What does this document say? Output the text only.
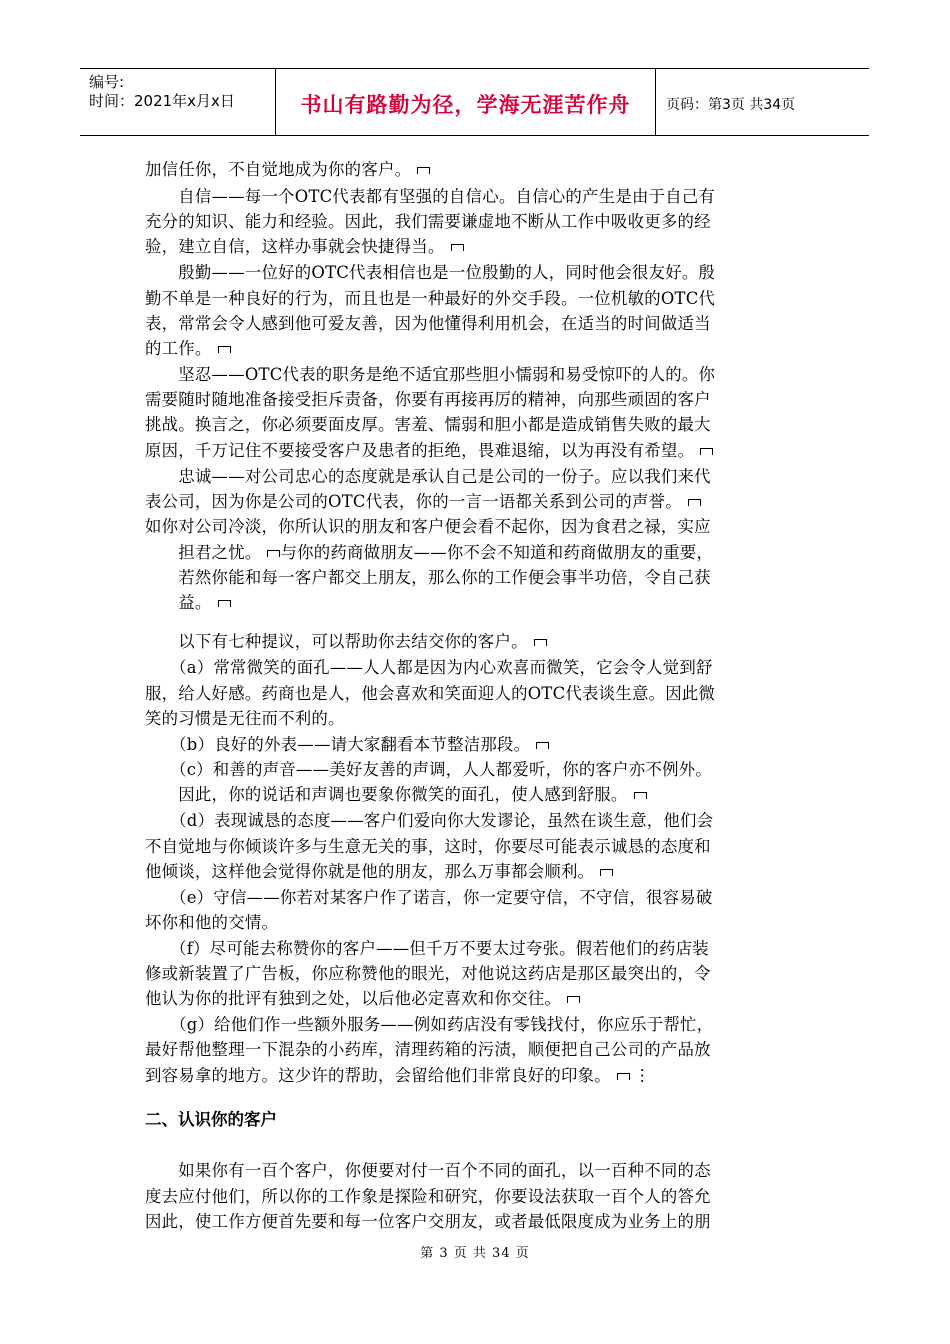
编号:
时间：2021年x月x日	书山有路勤为径，学海无涯苦作舟	页码：第3页 共34页
加信任你，不自觉地成为你的客户。
　　自信——每一个OTC代表都有坚强的自信心。自信心的产生是由于自己有
充分的知识、能力和经验。因此，我们需要谦虚地不断从工作中吸收更多的经
验，建立自信，这样办事就会快捷得当。
　　殷勤——一位好的OTC代表相信也是一位殷勤的人，同时他会很友好。殷
勤不单是一种良好的行为，而且也是一种最好的外交手段。一位机敏的OTC代
表，常常会令人感到他可爱友善，因为他懂得利用机会，在适当的时间做适当
的工作。
　　坚忍——OTC代表的职务是绝不适宜那些胆小懦弱和易受惊吓的人的。你
需要随时随地准备接受拒斥责备，你要有再接再厉的精神，向那些顽固的客户
挑战。换言之，你必须要面皮厚。害羞、懦弱和胆小都是造成销售失败的最大
原因，千万记住不要接受客户及患者的拒绝，畏难退缩，以为再没有希望。
　　忠诚——对公司忠心的态度就是承认自己是公司的一份子。应以我们来代
表公司，因为你是公司的OTC代表，你的一言一语都关系到公司的声誉。
如你对公司冷淡，你所认识的朋友和客户便会看不起你，因为食君之禄，实应
　　担君之忧。 与你的药商做朋友——你不会不知道和药商做朋友的重要，
　　若然你能和每一客户都交上朋友，那么你的工作便会事半功倍，令自己获
　　益。
　　以下有七种提议，可以帮助你去结交你的客户。
　　（a）常常微笑的面孔——人人都是因为内心欢喜而微笑，它会令人觉到舒
服，给人好感。药商也是人，他会喜欢和笑面迎人的OTC代表谈生意。因此微
笑的习惯是无往而不利的。
　　（b）良好的外表——请大家翻看本节整洁那段。
　　（c）和善的声音——美好友善的声调，人人都爱听，你的客户亦不例外。
　　因此，你的说话和声调也要象你微笑的面孔，使人感到舒服。
　　（d）表现诚恳的态度——客户们爱向你大发谬论，虽然在谈生意，他们会
不自觉地与你倾谈许多与生意无关的事，这时，你要尽可能表示诚恳的态度和
他倾谈，这样他会觉得你就是他的朋友，那么万事都会顺利。
　　（e）守信——你若对某客户作了诺言，你一定要守信，不守信，很容易破
坏你和他的交情。
　　（f）尽可能去称赞你的客户——但千万不要太过夸张。假若他们的药店装
修或新装置了广告板，你应称赞他的眼光，对他说这药店是那区最突出的，令
他认为你的批评有独到之处，以后他必定喜欢和你交往。
　　（g）给他们作一些额外服务——例如药店没有零钱找付，你应乐于帮忙，
最好帮他整理一下混杂的小药库，清理药箱的污渍，顺便把自己公司的产品放
到容易拿的地方。这少许的帮助，会留给他们非常良好的印象。 ⋮
二、认识你的客户
　　如果你有一百个客户，你便要对付一百个不同的面孔，以一百种不同的态
度去应付他们，所以你的工作象是探险和研究，你要设法获取一百个人的答允
因此，使工作方便首先要和每一位客户交朋友，或者最低限度成为业务上的朋
第 3 页 共 34 页
